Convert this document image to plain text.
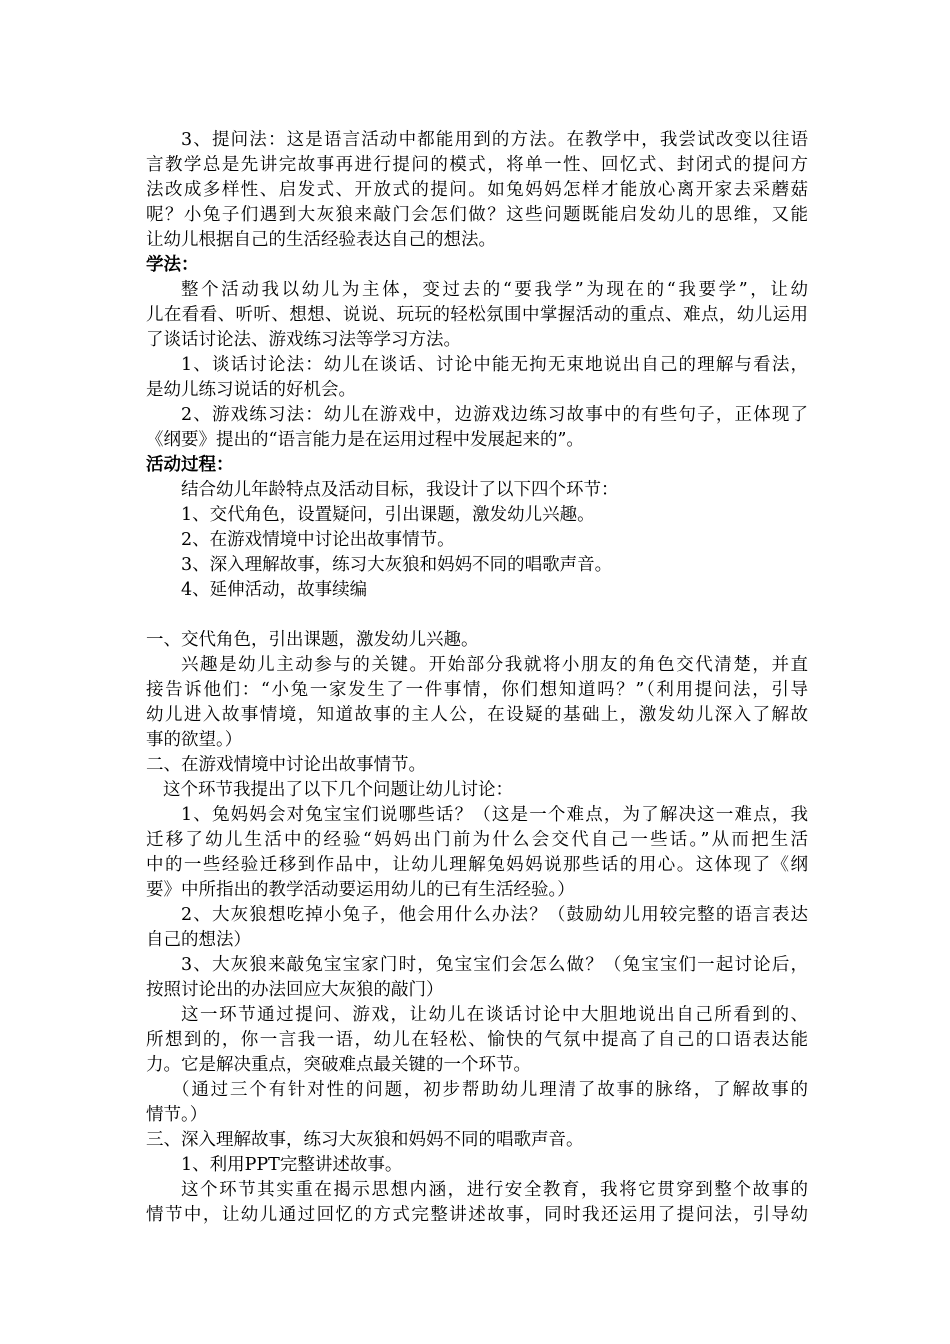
3、提问法：这是语言活动中都能用到的方法。在教学中，我尝试改变以往语
言教学总是先讲完故事再进行提问的模式，将单一性、回忆式、封闭式的提问方
法改成多样性、启发式、开放式的提问。如兔妈妈怎样才能放心离开家去采蘑菇
呢？小兔子们遇到大灰狼来敲门会怎们做？这些问题既能启发幼儿的思维，又能
让幼儿根据自己的生活经验表达自己的想法。
学法：
整个活动我以幼儿为主体，变过去的“要我学”为现在的“我要学”，让幼
儿在看看、听听、想想、说说、玩玩的轻松氛围中掌握活动的重点、难点，幼儿运用
了谈话讨论法、游戏练习法等学习方法。
1、谈话讨论法：幼儿在谈话、讨论中能无拘无束地说出自己的理解与看法，
是幼儿练习说话的好机会。
2、游戏练习法：幼儿在游戏中，边游戏边练习故事中的有些句子，正体现了
《纲要》提出的“语言能力是在运用过程中发展起来的”。
活动过程：
结合幼儿年龄特点及活动目标，我设计了以下四个环节：
1、交代角色，设置疑问，引出课题，激发幼儿兴趣。
2、在游戏情境中讨论出故事情节。
3、深入理解故事，练习大灰狼和妈妈不同的唱歌声音。
4、延伸活动，故事续编
一、交代角色，引出课题，激发幼儿兴趣。
兴趣是幼儿主动参与的关键。开始部分我就将小朋友的角色交代清楚，并直
接告诉他们：“小兔一家发生了一件事情，你们想知道吗？”（利用提问法，引导
幼儿进入故事情境，知道故事的主人公，在设疑的基础上，激发幼儿深入了解故
事的欲望。）
二、在游戏情境中讨论出故事情节。
这个环节我提出了以下几个问题让幼儿讨论：
1、兔妈妈会对兔宝宝们说哪些话？（这是一个难点，为了解决这一难点，我
迁移了幼儿生活中的经验“妈妈出门前为什么会交代自己一些话。”从而把生活
中的一些经验迁移到作品中，让幼儿理解兔妈妈说那些话的用心。这体现了《纲
要》中所指出的教学活动要运用幼儿的已有生活经验。）
2、大灰狼想吃掉小兔子，他会用什么办法？（鼓励幼儿用较完整的语言表达
自己的想法）
3、大灰狼来敲兔宝宝家门时，兔宝宝们会怎么做？（兔宝宝们一起讨论后，
按照讨论出的办法回应大灰狼的敲门）
这一环节通过提问、游戏，让幼儿在谈话讨论中大胆地说出自己所看到的、
所想到的，你一言我一语，幼儿在轻松、愉快的气氛中提高了自己的口语表达能
力。它是解决重点，突破难点最关键的一个环节。
（通过三个有针对性的问题，初步帮助幼儿理清了故事的脉络，了解故事的
情节。）
三、深入理解故事，练习大灰狼和妈妈不同的唱歌声音。
1、利用PPT完整讲述故事。
这个环节其实重在揭示思想内涵，进行安全教育，我将它贯穿到整个故事的
情节中，让幼儿通过回忆的方式完整讲述故事，同时我还运用了提问法，引导幼
